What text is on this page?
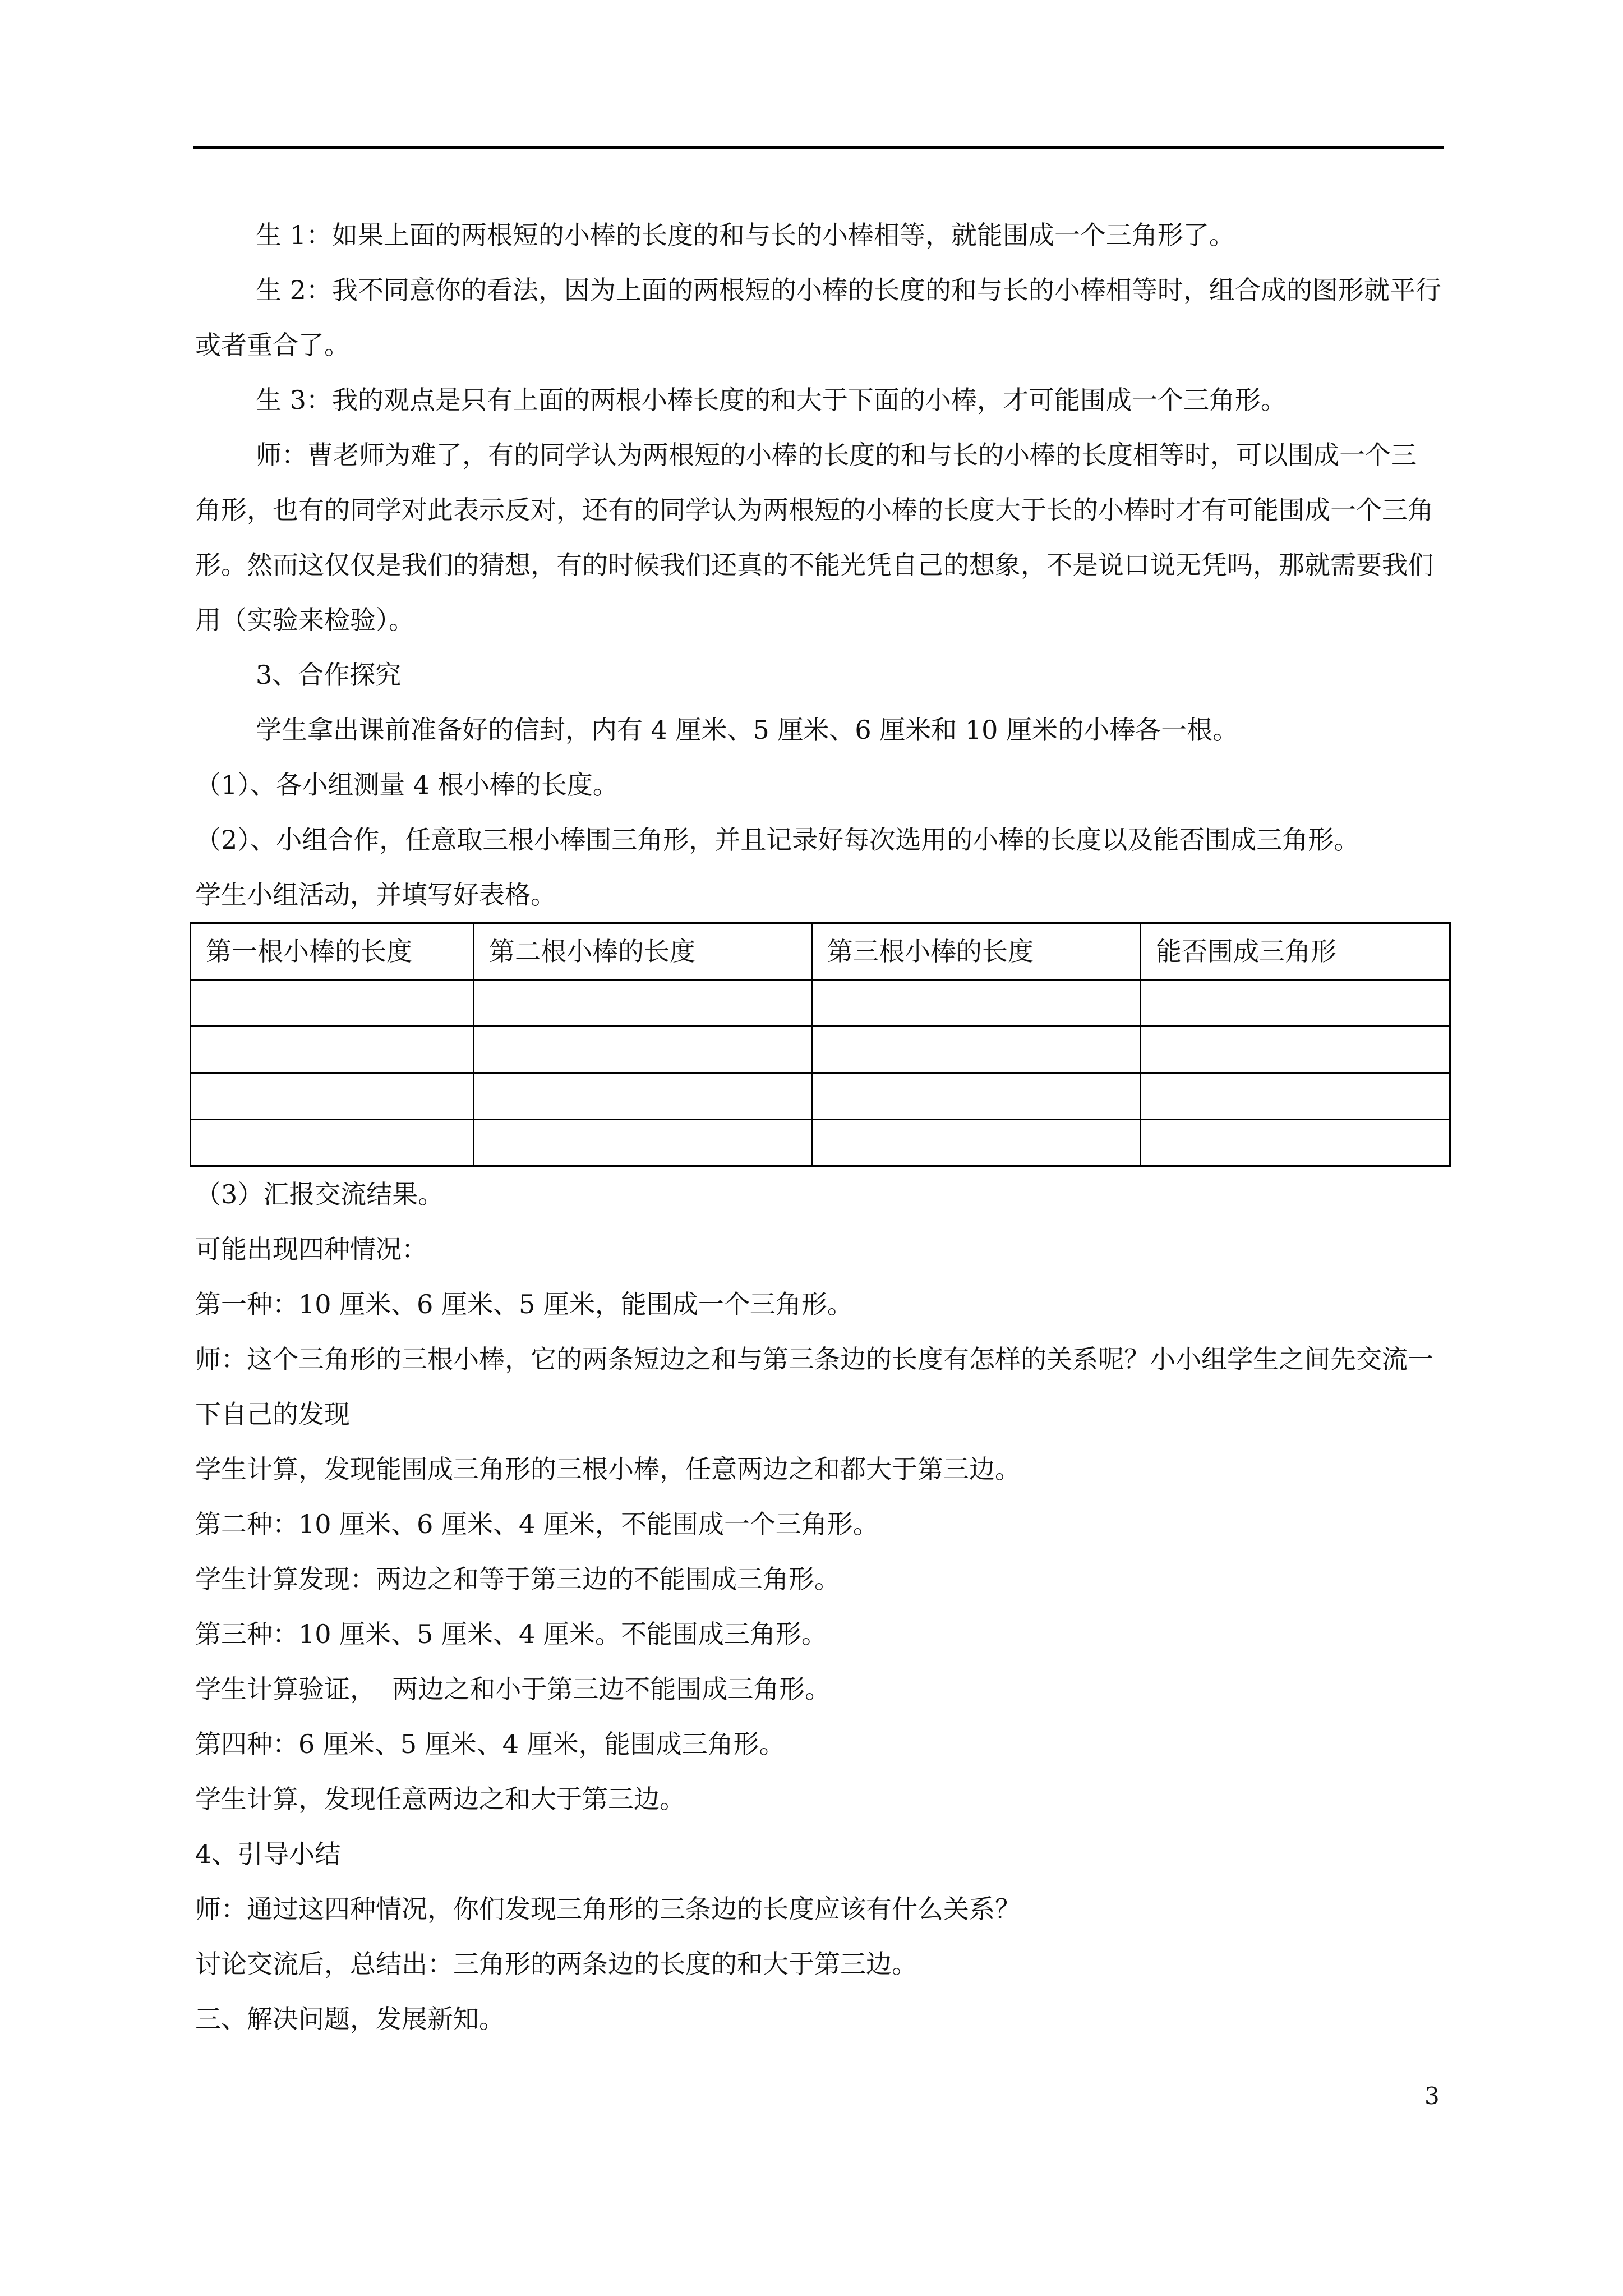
生 1：如果上面的两根短的小棒的长度的和与长的小棒相等，就能围成一个三角形了。

生 2：我不同意你的看法，因为上面的两根短的小棒的长度的和与长的小棒相等时，组合成的图形就平行或者重合了。

生 3：我的观点是只有上面的两根小棒长度的和大于下面的小棒，才可能围成一个三角形。

师：曹老师为难了，有的同学认为两根短的小棒的长度的和与长的小棒的长度相等时，可以围成一个三角形，也有的同学对此表示反对，还有的同学认为两根短的小棒的长度大于长的小棒时才有可能围成一个三角形。然而这仅仅是我们的猜想，有的时候我们还真的不能光凭自己的想象，不是说口说无凭吗，那就需要我们用（实验来检验）。

3、合作探究

学生拿出课前准备好的信封，内有 4 厘米、5 厘米、6 厘米和 10 厘米的小棒各一根。

（1）、各小组测量 4 根小棒的长度。

（2）、小组合作，任意取三根小棒围三角形，并且记录好每次选用的小棒的长度以及能否围成三角形。

学生小组活动，并填写好表格。

第一根小棒的长度	第二根小棒的长度	第三根小棒的长度	能否围成三角形

（3）汇报交流结果。

可能出现四种情况：

第一种：10 厘米、6 厘米、5 厘米，能围成一个三角形。

师：这个三角形的三根小棒，它的两条短边之和与第三条边的长度有怎样的关系呢？小小组学生之间先交流一下自己的发现

学生计算，发现能围成三角形的三根小棒，任意两边之和都大于第三边。

第二种：10 厘米、6 厘米、4 厘米，不能围成一个三角形。

学生计算发现：两边之和等于第三边的不能围成三角形。

第三种：10 厘米、5 厘米、4 厘米。不能围成三角形。

学生计算验证，  两边之和小于第三边不能围成三角形。

第四种：6 厘米、5 厘米、4 厘米，能围成三角形。

学生计算，发现任意两边之和大于第三边。

4、引导小结

师：通过这四种情况，你们发现三角形的三条边的长度应该有什么关系？

讨论交流后，总结出：三角形的两条边的长度的和大于第三边。

三、解决问题，发展新知。

3
